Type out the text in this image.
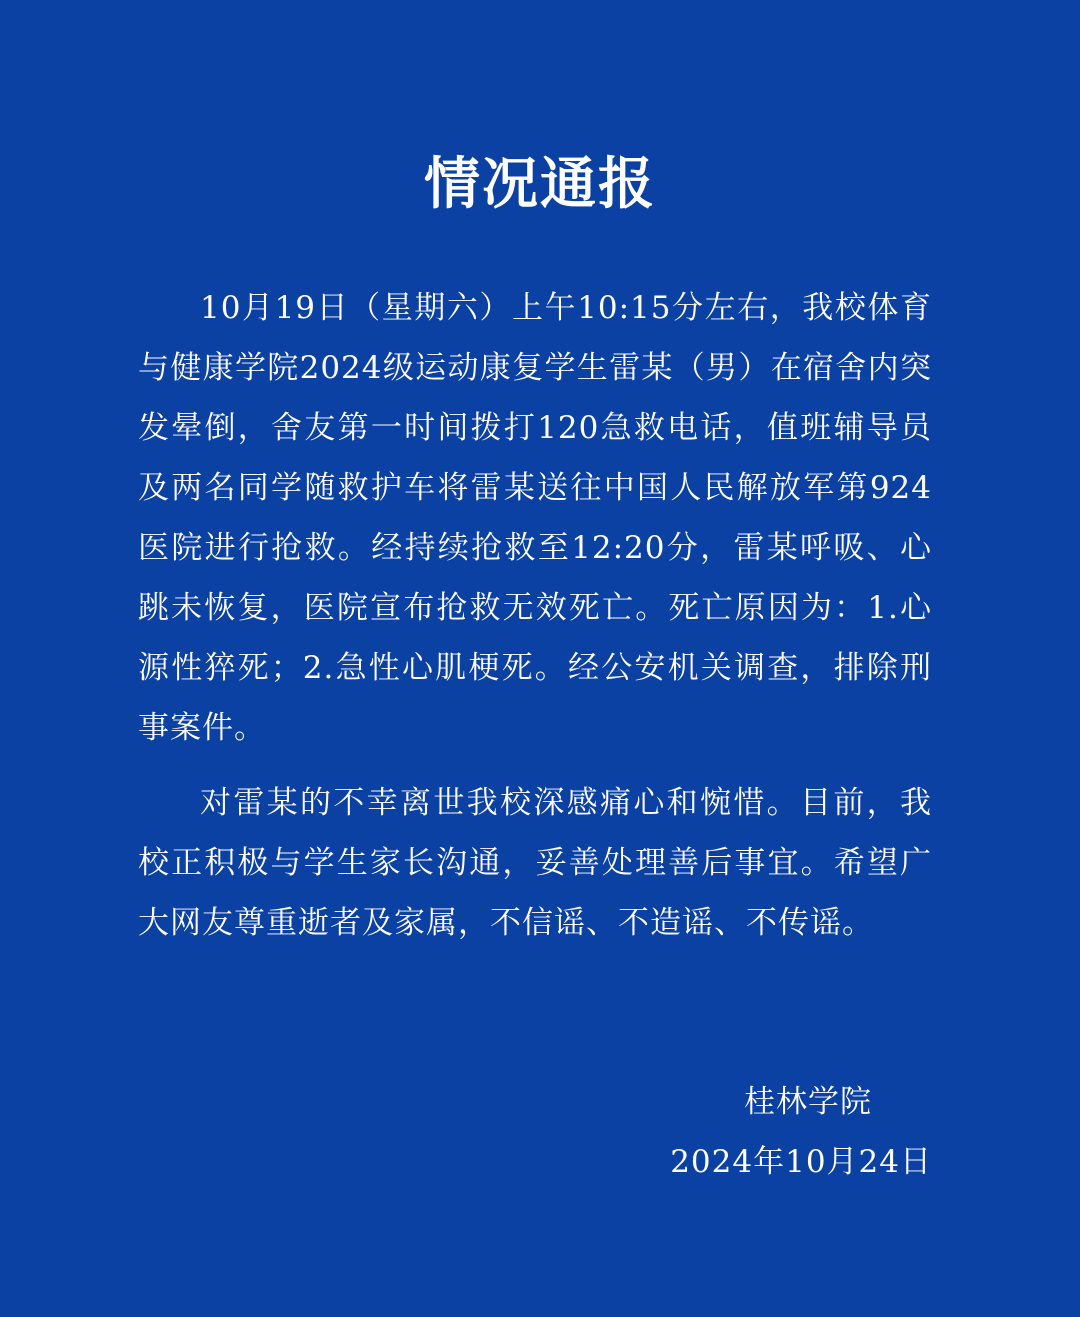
情况通报

10月19日（星期六）上午10:15分左右，我校体育与健康学院2024级运动康复学生雷某（男）在宿舍内突发晕倒，舍友第一时间拨打120急救电话，值班辅导员及两名同学随救护车将雷某送往中国人民解放军第924医院进行抢救。经持续抢救至12:20分，雷某呼吸、心跳未恢复，医院宣布抢救无效死亡。死亡原因为：1.心源性猝死；2.急性心肌梗死。经公安机关调查，排除刑事案件。

对雷某的不幸离世我校深感痛心和惋惜。目前，我校正积极与学生家长沟通，妥善处理善后事宜。希望广大网友尊重逝者及家属，不信谣、不造谣、不传谣。

桂林学院
2024年10月24日
